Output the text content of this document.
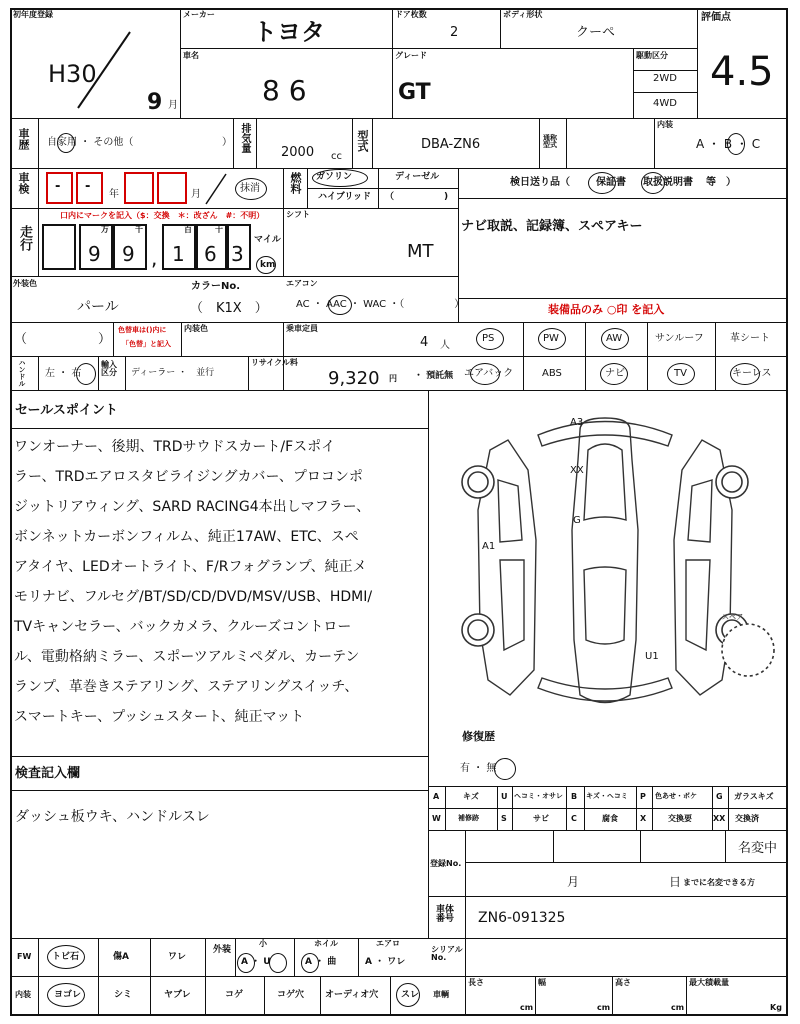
初年度登録
H30
9 月
メーカー
トヨタ
ドア枚数
2
ボディ形状
クーペ
評価点
4.5
車名
8 6
グレード
GT
駆動区分
2WD
4WD
車歴 自家用 ・ その他（	） 排気量 2000 cc
型式	DBA-ZN6	通称型式
内装
A ・ B ・ C
車検 - -
年	月
抹消	燃料 ガソリン	ディーゼル
ハイブリッド （	)
検日送り品（	保証書 取扱説明書 等　）
走行
口内にマークを記入（$：交換　＊：改ざん　#：不明）
万	千	百	十
9 9 , 1 6 3
マイル
km
シフト
MT
ナビ取説、記録簿、スペアキー
外装色
パール
カラーNo.
（　K1X　）
エアコン
AC ・ AAC ・ WAC ・（　　　　　）	装備品のみ ○印 を記入
（	）
色替車は()内に
「色替」と記入
内装色	乗車定員
4 人
PS	PW	AW	サンルーフ	革シート
エアバック	ABS	ナビ	TV	キーレス
ハンドル 左 ・ 右
輸入区分	ディーラー ・　並行
リサイクル料
9,320 円 ・ 預託無
セールスポイント
ワンオーナー、後期、TRDサウドスカート/Fスポイ
ラー、TRDエアロスタビライジングカバー、プロコンポ
ジットリアウィング、SARD RACING4本出しマフラー、
ボンネットカーボンフィルム、純正17AW、ETC、スペ
アタイヤ、LEDオートライト、F/Rフォグランプ、純正メ
モリナビ、フルセグ/BT/SD/CD/DVD/MSV/USB、HDMI/
TVキャンセラー、バックカメラ、クルーズコントロー
ル、電動格納ミラー、スポーツアルミペダル、カーテン
ランプ、革巻きステアリング、ステアリングスイッチ、
スマートキー、プッシュスタート、純正マット
A3
XX
G
A1
U1
スペア
修復歴
有 ・ 無
A	キズ	U ヘコミ・オサレ B キズ・ヘコミ P 色あせ・ボケ G ガラスキズ
W 補修跡	S	サビ	C	腐食	X	交換要	XX 交換済
検査記入欄
ダッシュ板ウキ、ハンドルスレ
登録No.
名変中
月	日 までに名変できる方
車体番号 ZN6-091325
FW トビ石	傷A	ワレ
外装
小
A ・ U
ホイル
A ・ 曲
エアロ
A ・ ワレ
内装	ヨゴレ	シミ	ヤブレ	コゲ	コゲ穴 オーディオ穴	スレ
シリアルNo.
車輌
長さ
cm
幅
cm
高さ
cm
最大積載量
Kg
